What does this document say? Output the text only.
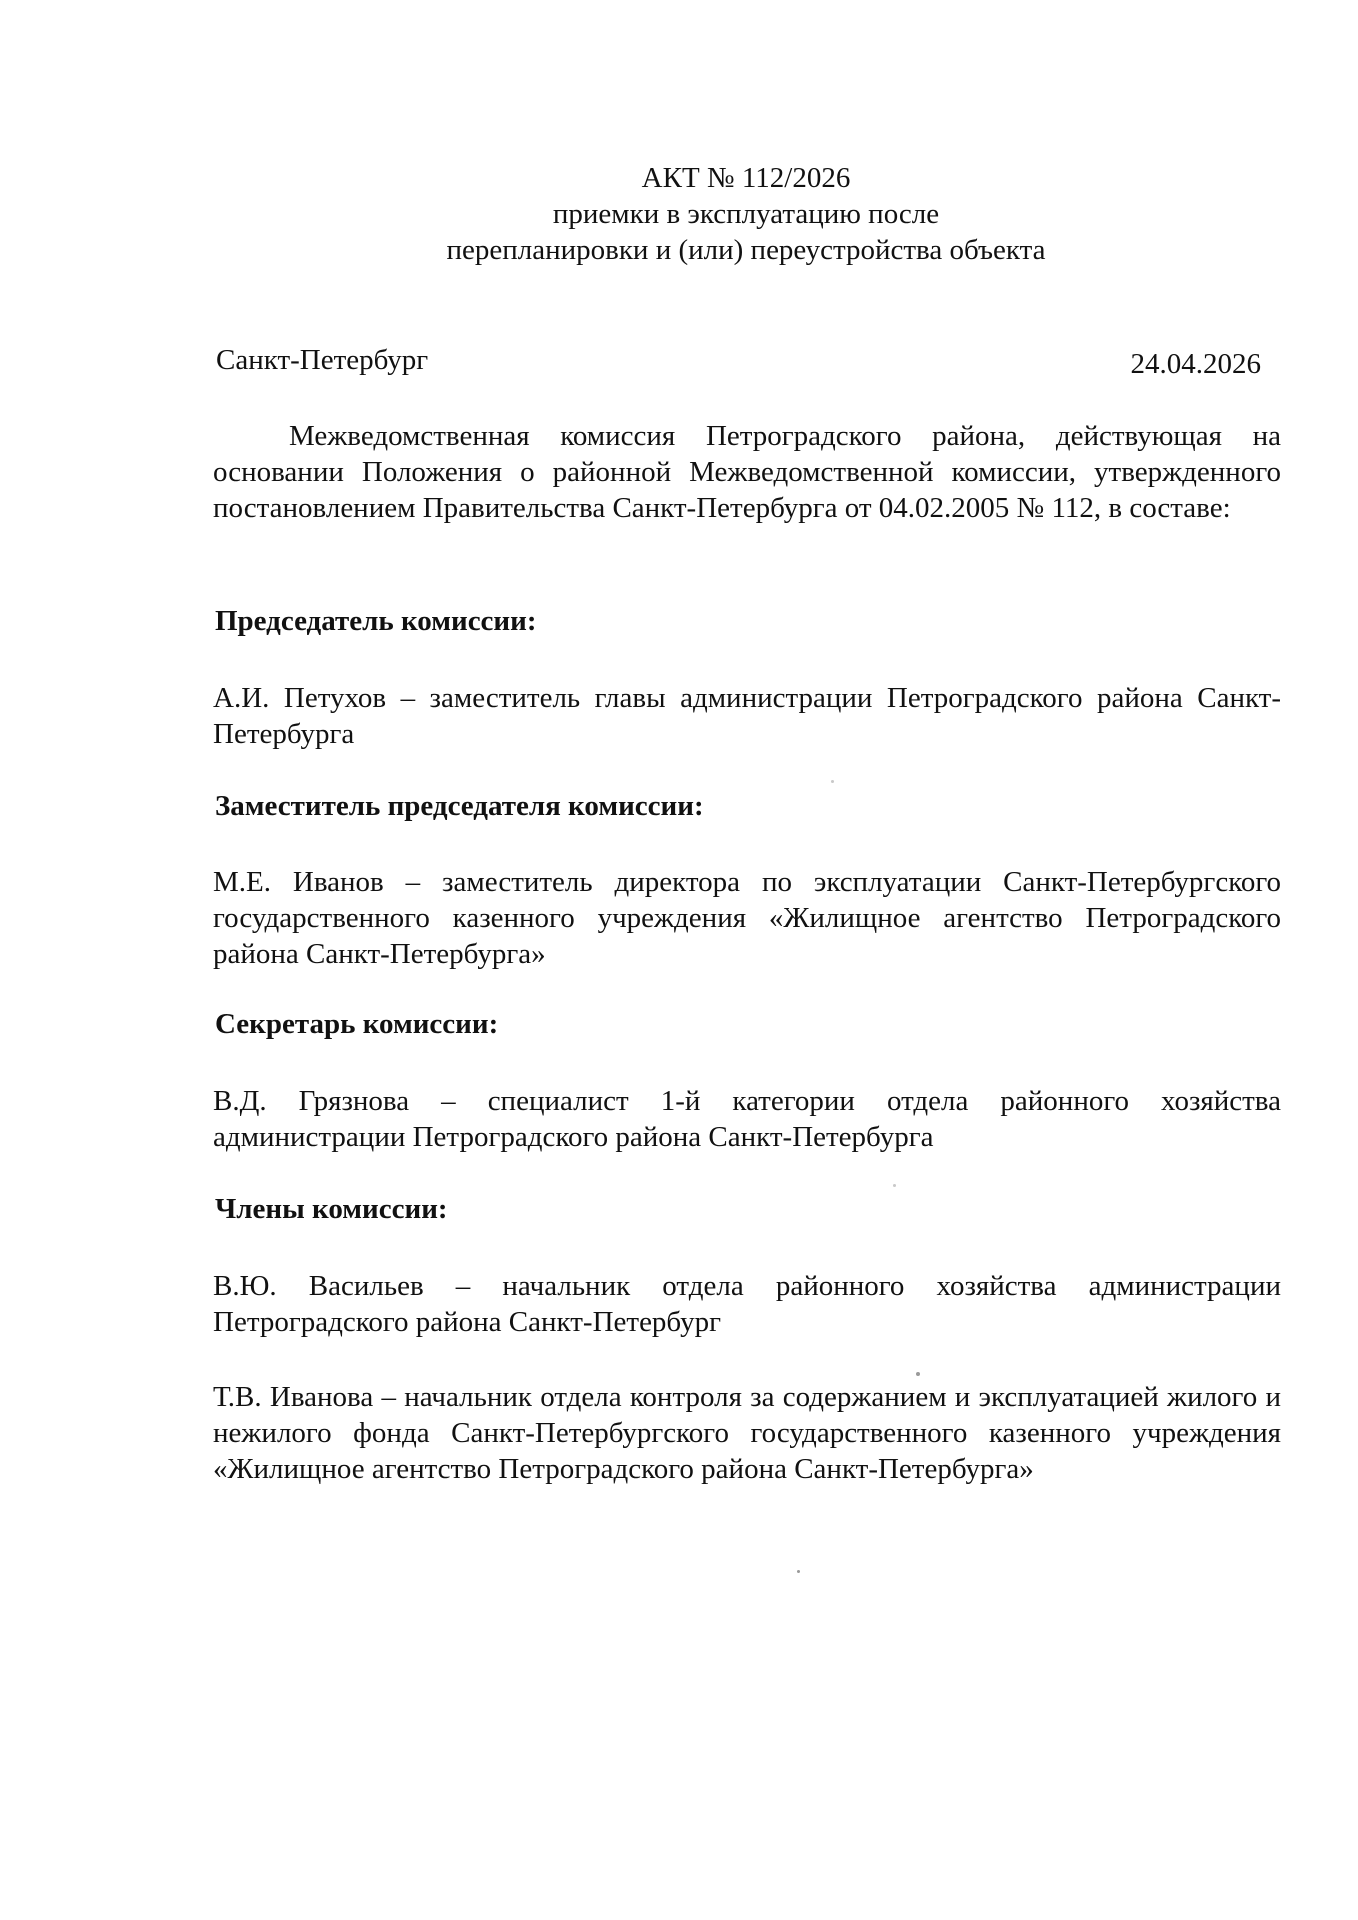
АКТ № 112/2026
приемки в эксплуатацию после
перепланировки и (или) переустройства объекта
Санкт-Петербург	24.04.2026
Межведомственная комиссия Петроградского района, действующая на основании Положения о районной Межведомственной комиссии, утвержденного постановлением Правительства Санкт-Петербурга от 04.02.2005 № 112, в составе:
Председатель комиссии:
А.И. Петухов – заместитель главы администрации Петроградского района Санкт-Петербурга
Заместитель председателя комиссии:
М.Е. Иванов – заместитель директора по эксплуатации Санкт-Петербургского государственного казенного учреждения «Жилищное агентство Петроградского района Санкт-Петербурга»
Секретарь комиссии:
В.Д. Грязнова – специалист 1-й категории отдела районного хозяйства администрации Петроградского района Санкт-Петербурга
Члены комиссии:
В.Ю. Васильев – начальник отдела районного хозяйства администрации Петроградского района Санкт-Петербург
Т.В. Иванова – начальник отдела контроля за содержанием и эксплуатацией жилого и нежилого фонда Санкт-Петербургского государственного казенного учреждения «Жилищное агентство Петроградского района Санкт-Петербурга»
